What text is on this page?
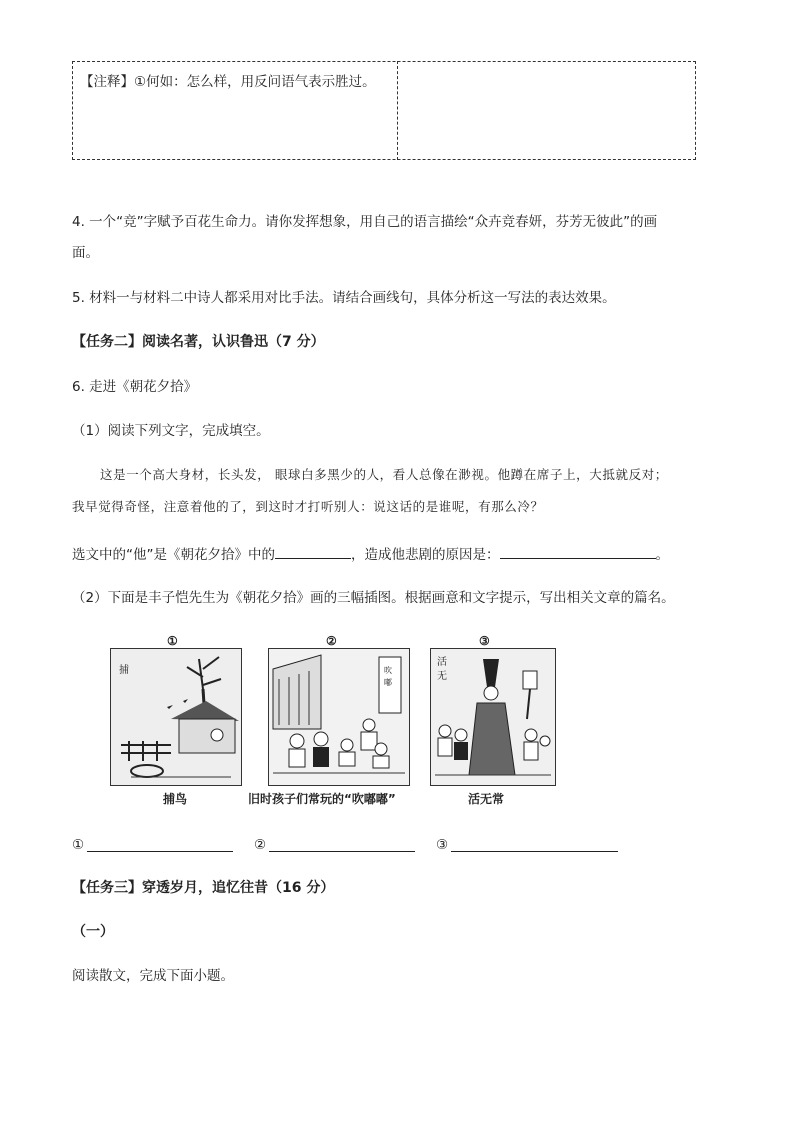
【注释】①何如：怎么样，用反问语气表示胜过。
4. 一个“竞”字赋予百花生命力。请你发挥想象，用自己的语言描绘“众卉竞春妍，芬芳无彼此”的画
面。
5. 材料一与材料二中诗人都采用对比手法。请结合画线句，具体分析这一写法的表达效果。
【任务二】阅读名著，认识鲁迅（7 分）
6. 走进《朝花夕拾》
（1）阅读下列文字，完成填空。
这是一个高大身材，长头发， 眼球白多黑少的人，看人总像在渺视。他蹲在席子上，大抵就反对；
我早觉得奇怪，注意着他的了，到这时才打听别人：说这话的是谁呢，有那么冷？
选文中的“他”是《朝花夕拾》中的	，造成他悲剧的原因是：	。
（2）下面是丰子恺先生为《朝花夕拾》画的三幅插图。根据画意和文字提示，写出相关文章的篇名。
①
捕
捕鸟
②
吹
嘟
旧时孩子们常玩的“吹嘟嘟”
③
活
无
活无常
①	②	③
【任务三】穿透岁月，追忆往昔（16 分）
（一）
阅读散文，完成下面小题。
